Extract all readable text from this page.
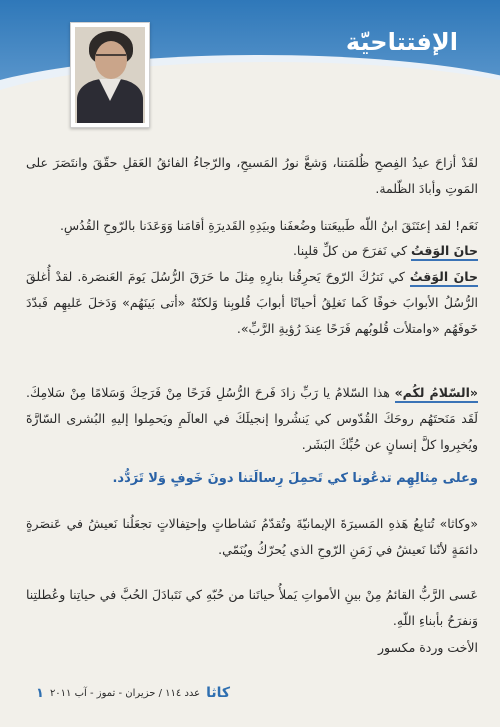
الإفتتاحيّة

لقَدْ أزاحَ عيدُ الفِصحِ ظُلمَتنا، وَشعَّ نورُ المَسيحِ، والرّجاءُ الفائقُ العَقلِ حقّقَ وانتَصَرَ على المَوتِ وأبادَ الظّلمة.

نَعَم! لقد إعتَنَقَ ابنُ اللّه طَبيعَتنا وضُعفَنا وبيَدِهِ القَديرَةِ أقامَنا وَوَعَدَنا بالرّوحِ القُدُسِ.

حانَ الوَقتُ كي نَفرَحَ من كلِّ قلبِنا.

حانَ الوَقتُ كي نَترُكَ الرّوحَ يَحرِقُنا بنارِهِ مِثلَ ما حَرَقَ الرُّسُلَ يَومَ العَنصَرة. لقدْ أُغلقَ الرُّسُلُ الأبوابَ خوفًا كَما نَغلِقُ أحيانًا أبوابَ قُلوبِنا وَلكنّهُ «أتى بَينَهُم» وَدَخلَ عَليهِم فَبدّدَ خَوفَهُم «وامتلأت قُلوبُهم فَرَحًا عِندَ رُؤيةِ الرَّبِّ».

«السّلامُ لكُم» هذا السّلامُ يا رَبِّ زادَ فَرحَ الرُّسُلِ فَرَحًا مِنْ فَرَحِكَ وَسَلامًا مِنْ سَلامِكَ. لَقَد مَنَحتَهُم روحَكَ القُدّوس كي يَنشُروا إنجيلَكَ في العالَمِ ويَحمِلوا إليهِ البُشرى السّارَّةَ ويُخبِروا كلَّ إنسانٍ عن حُبِّكَ البَشَر.

وعلى مِثالِهِم تدعُونا كي تَحمِلَ رِسالَتنا دونَ خَوفٍ وَلا تَرَدُّد.

«وكاثا» تُتابِعُ هَذهِ المَسيرَةَ الإيمانيّةَ وتُقدّمُ نَشاطاتٍ وإحتِفالاتٍ تجعَلُنا نَعيشُ في عَنصَرةٍ دائمَةٍ لأنّنا نَعيشُ في زَمَنِ الرّوحِ الذي يُحرّكُ ويُنَمّي.

عَسى الرَّبُّ القائمُ مِنْ بينِ الأمواتِ يَملأُ حياتَنا من حُبّهِ كي نَتَبادَلَ الحُبَّ في حياتِنا وعُطلتِنا وَنفرَحُ بأبناءِ اللّهِ.

الأخت وردة مكسور
كاثا
عدد ١١٤ / حزيران - تموز - آب ٢٠١١
١
